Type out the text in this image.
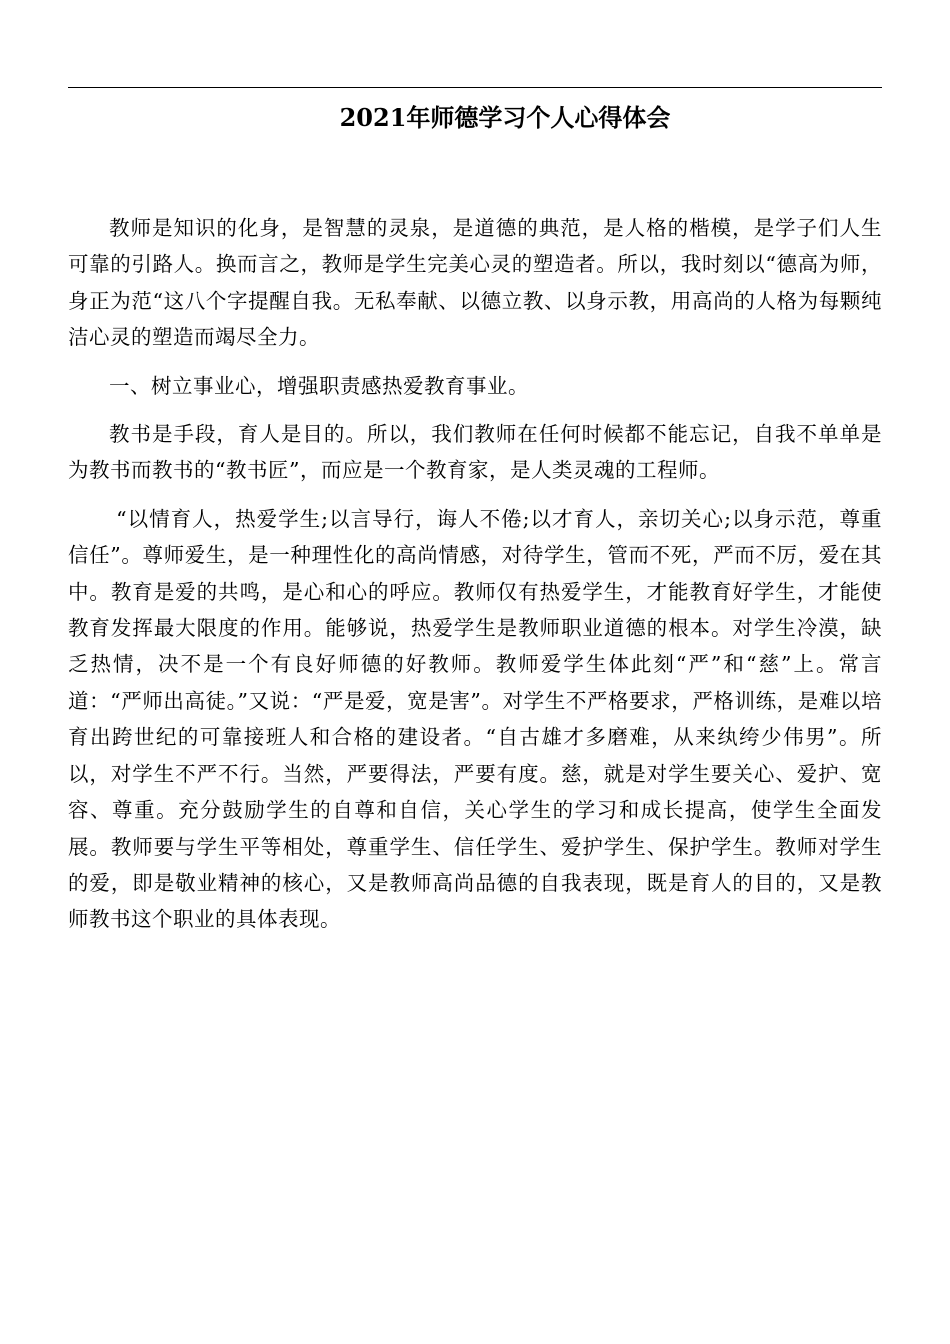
2021年师德学习个人心得体会

教师是知识的化身，是智慧的灵泉，是道德的典范，是人格的楷模，是学子们人生可靠的引路人。换而言之，教师是学生完美心灵的塑造者。所以，我时刻以“德高为师，身正为范“这八个字提醒自我。无私奉献、以德立教、以身示教，用高尚的人格为每颗纯洁心灵的塑造而竭尽全力。

一、树立事业心，增强职责感热爱教育事业。

教书是手段，育人是目的。所以，我们教师在任何时候都不能忘记，自我不单单是为教书而教书的“教书匠”，而应是一个教育家，是人类灵魂的工程师。

“以情育人，热爱学生;以言导行，诲人不倦;以才育人，亲切关心;以身示范，尊重信任”。尊师爱生，是一种理性化的高尚情感，对待学生，管而不死，严而不厉，爱在其中。教育是爱的共鸣，是心和心的呼应。教师仅有热爱学生，才能教育好学生，才能使教育发挥最大限度的作用。能够说，热爱学生是教师职业道德的根本。对学生冷漠，缺乏热情，决不是一个有良好师德的好教师。教师爱学生体此刻“严”和“慈”上。常言道：“严师出高徒。”又说：“严是爱，宽是害”。对学生不严格要求，严格训练，是难以培育出跨世纪的可靠接班人和合格的建设者。“自古雄才多磨难，从来纨绔少伟男”。所以，对学生不严不行。当然，严要得法，严要有度。慈，就是对学生要关心、爱护、宽容、尊重。充分鼓励学生的自尊和自信，关心学生的学习和成长提高，使学生全面发展。教师要与学生平等相处，尊重学生、信任学生、爱护学生、保护学生。教师对学生的爱，即是敬业精神的核心，又是教师高尚品德的自我表现，既是育人的目的，又是教师教书这个职业的具体表现。
